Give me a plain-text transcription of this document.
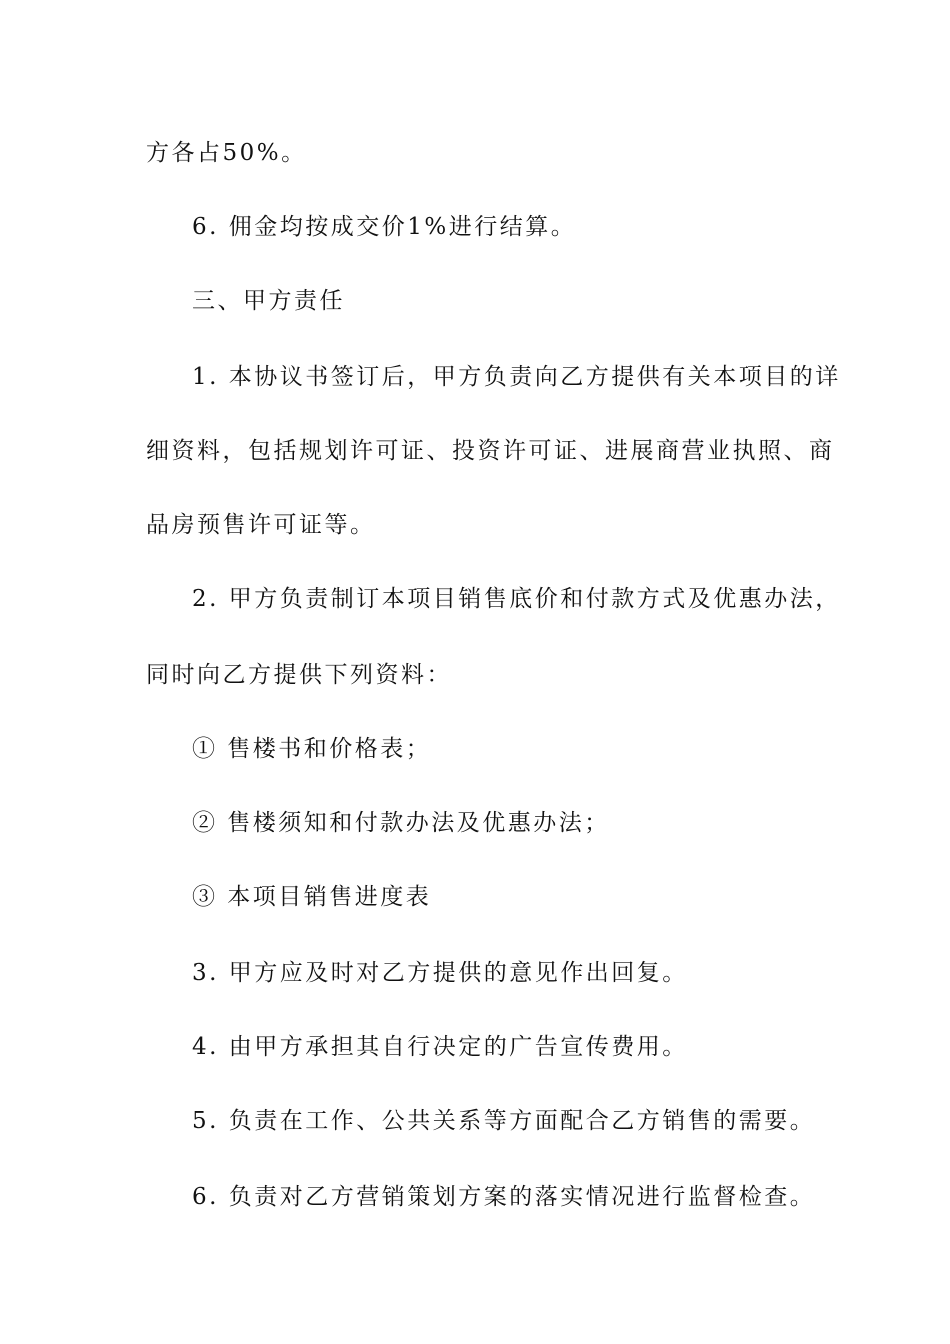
方各占50%。
6. 佣金均按成交价1%进行结算。
三、甲方责任
1. 本协议书签订后，甲方负责向乙方提供有关本项目的详
细资料，包括规划许可证、投资许可证、进展商营业执照、商
品房预售许可证等。
2. 甲方负责制订本项目销售底价和付款方式及优惠办法，
同时向乙方提供下列资料：
① 售楼书和价格表；
② 售楼须知和付款办法及优惠办法；
③ 本项目销售进度表
3. 甲方应及时对乙方提供的意见作出回复。
4. 由甲方承担其自行决定的广告宣传费用。
5. 负责在工作、公共关系等方面配合乙方销售的需要。
6. 负责对乙方营销策划方案的落实情况进行监督检查。
